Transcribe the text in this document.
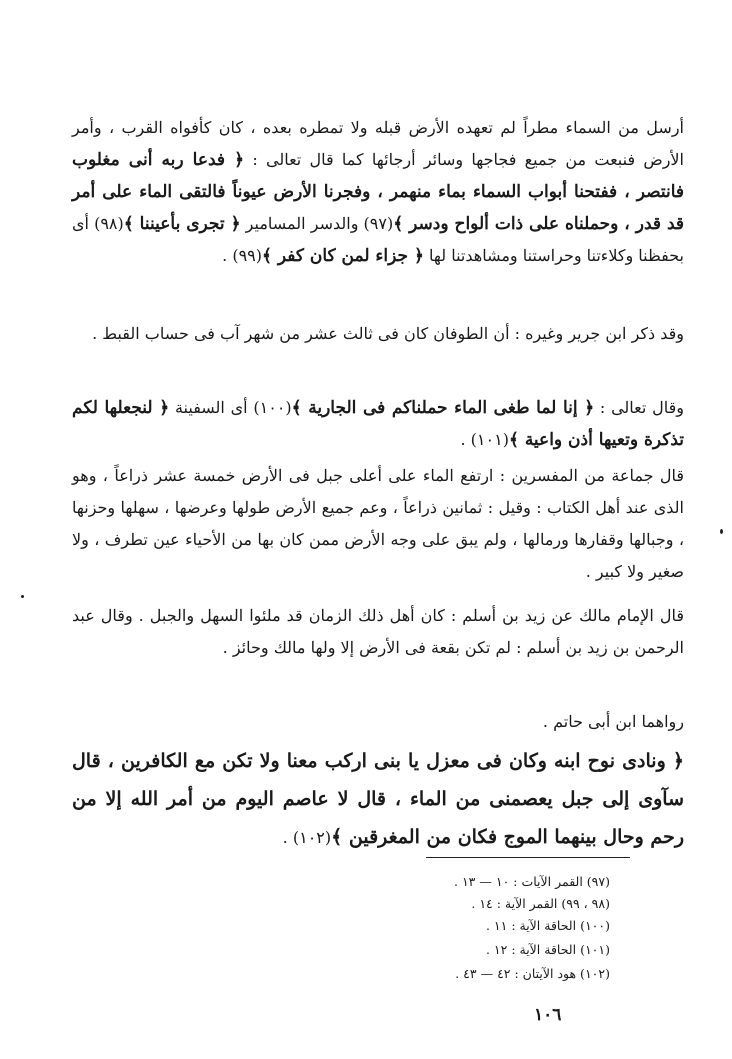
أرسل من السماء مطراً لم تعهده الأرض قبله ولا تمطره بعده ، كان كأفواه القرب ، وأمر الأرض فنبعت من جميع فجاجها وسائر أرجائها كما قال تعالى : ﴿ فدعا ربه أنى مغلوب فانتصر ، ففتحنا أبواب السماء بماء منهمر ، وفجرنا الأرض عيوناً فالتقى الماء على أمر قد قدر ، وحملناه على ذات ألواح ودسر ﴾(٩٧) والدسر المسامير ﴿ تجرى بأعيننا ﴾(٩٨) أى بحفظنا وكلاءتنا وحراستنا ومشاهدتنا لها ﴿ جزاء لمن كان كفر ﴾(٩٩) .
وقد ذكر ابن جرير وغيره : أن الطوفان كان فى ثالث عشر من شهر آب فى حساب القبط .
وقال تعالى : ﴿ إنا لما طغى الماء حملناكم فى الجارية ﴾(١٠٠) أى السفينة ﴿ لنجعلها لكم تذكرة وتعيها أذن واعية ﴾(١٠١) .
قال جماعة من المفسرين : ارتفع الماء على أعلى جبل فى الأرض خمسة عشر ذراعاً ، وهو الذى عند أهل الكتاب : وقيل : ثمانين ذراعاً ، وعم جميع الأرض طولها وعرضها ، سهلها وحزنها ، وجبالها وقفارها ورمالها ، ولم يبق على وجه الأرض ممن كان بها من الأحياء عين تطرف ، ولا صغير ولا كبير .
قال الإمام مالك عن زيد بن أسلم : كان أهل ذلك الزمان قد ملئوا السهل والجبل . وقال عبد الرحمن بن زيد بن أسلم : لم تكن بقعة فى الأرض إلا ولها مالك وحائز .
رواهما ابن أبى حاتم .
﴿ ونادى نوح ابنه وكان فى معزل يا بنى اركب معنا ولا تكن مع الكافرين ، قال سآوى إلى جبل يعصمنى من الماء ، قال لا عاصم اليوم من أمر الله إلا من رحم وحال بينهما الموج فكان من المغرقين ﴾(١٠٢) .
(٩٧) القمر الآيات : ١٠ — ١٣ .
(٩٨ ، ٩٩) القمر الآية : ١٤ .
(١٠٠) الحاقة الآية : ١١ .
(١٠١) الحاقة الآية : ١٢ .
(١٠٢) هود الآيتان : ٤٢ — ٤٣ .
١٠٦
